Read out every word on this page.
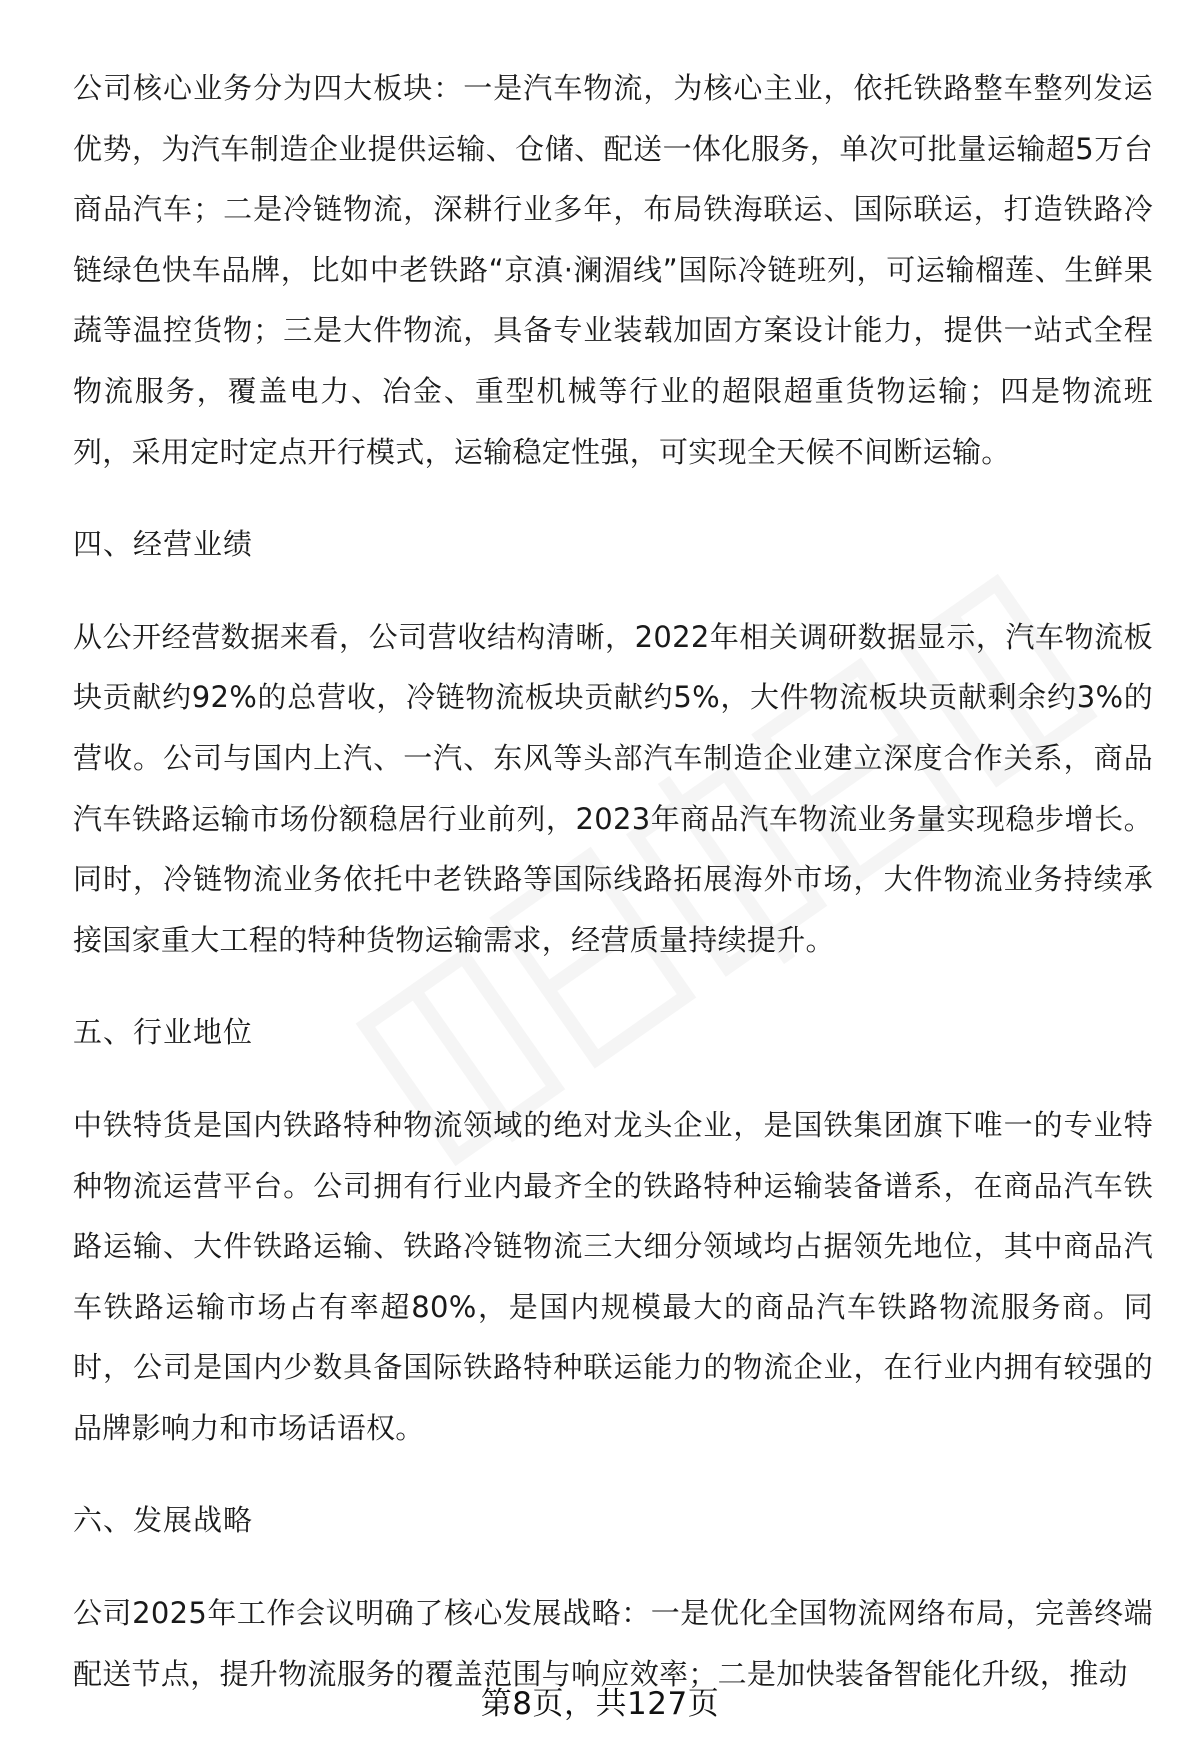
公司核心业务分为四大板块：一是汽车物流，为核心主业，依托铁路整车整列发运优势，为汽车制造企业提供运输、仓储、配送一体化服务，单次可批量运输超5万台商品汽车；二是冷链物流，深耕行业多年，布局铁海联运、国际联运，打造铁路冷链绿色快车品牌，比如中老铁路“京滇·澜湄线”国际冷链班列，可运输榴莲、生鲜果蔬等温控货物；三是大件物流，具备专业装载加固方案设计能力，提供一站式全程物流服务，覆盖电力、冶金、重型机械等行业的超限超重货物运输；四是物流班列，采用定时定点开行模式，运输稳定性强，可实现全天候不间断运输。

四、经营业绩

从公开经营数据来看，公司营收结构清晰，2022年相关调研数据显示，汽车物流板块贡献约92%的总营收，冷链物流板块贡献约5%，大件物流板块贡献剩余约3%的营收。公司与国内上汽、一汽、东风等头部汽车制造企业建立深度合作关系，商品汽车铁路运输市场份额稳居行业前列，2023年商品汽车物流业务量实现稳步增长。同时，冷链物流业务依托中老铁路等国际线路拓展海外市场，大件物流业务持续承接国家重大工程的特种货物运输需求，经营质量持续提升。

五、行业地位

中铁特货是国内铁路特种物流领域的绝对龙头企业，是国铁集团旗下唯一的专业特种物流运营平台。公司拥有行业内最齐全的铁路特种运输装备谱系，在商品汽车铁路运输、大件铁路运输、铁路冷链物流三大细分领域均占据领先地位，其中商品汽车铁路运输市场占有率超80%，是国内规模最大的商品汽车铁路物流服务商。同时，公司是国内少数具备国际铁路特种联运能力的物流企业，在行业内拥有较强的品牌影响力和市场话语权。

六、发展战略

公司2025年工作会议明确了核心发展战略：一是优化全国物流网络布局，完善终端配送节点，提升物流服务的覆盖范围与响应效率；二是加快装备智能化升级，推动

第8页，共127页
